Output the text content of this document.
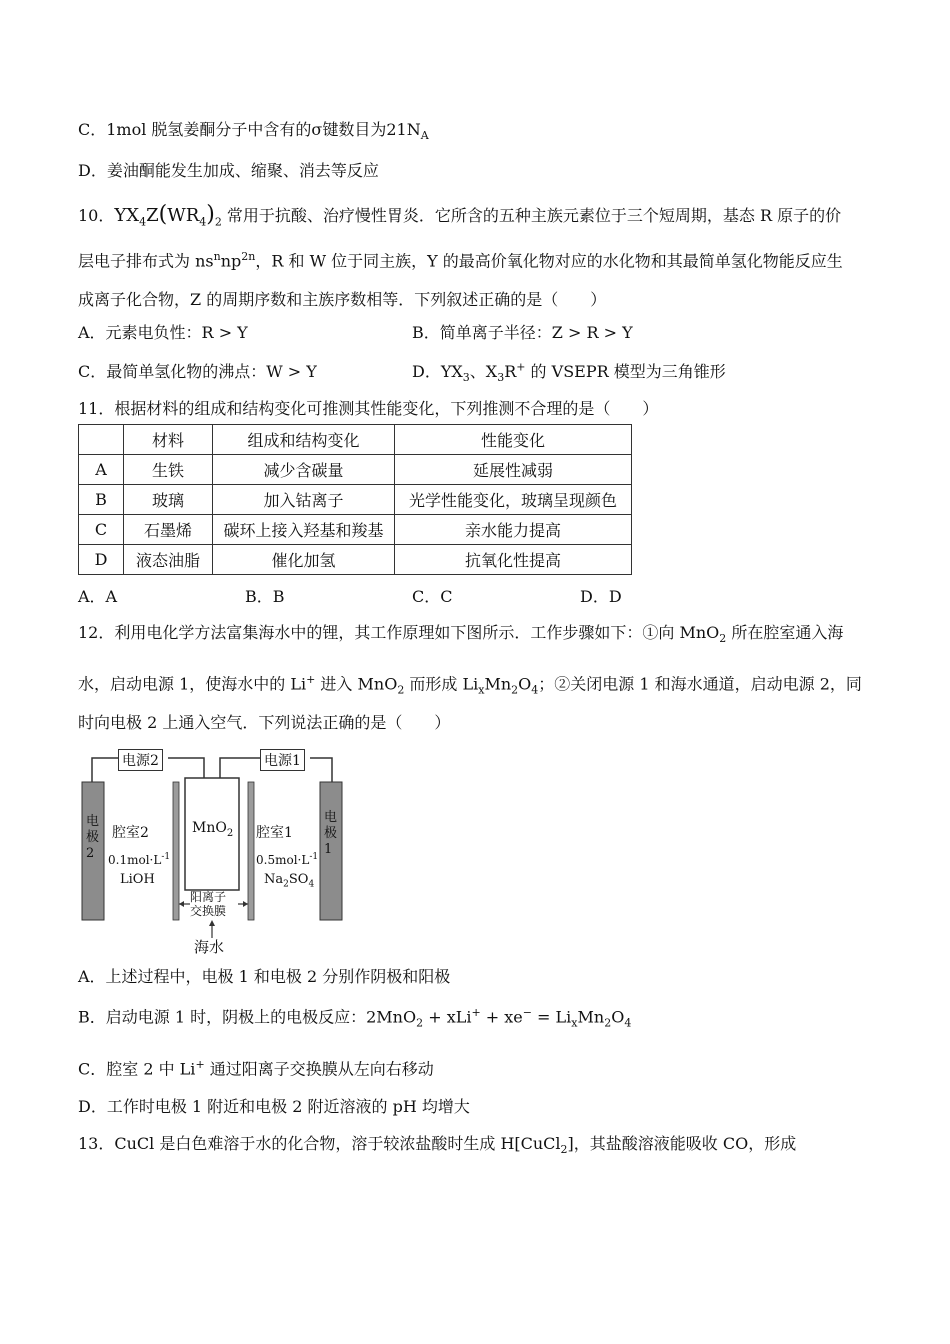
C．1mol 脱氢姜酮分子中含有的σ键数目为$21N_A$
D．姜油酮能发生加成、缩聚、消去等反应
10．$YX_4Z(WR_4)_2$ 常用于抗酸、治疗慢性胃炎．它所含的五种主族元素位于三个短周期，基态 R 原子的价
层电子排布式为 $ns^nnp^{2n}$，R 和 W 位于同主族，Y 的最高价氧化物对应的水化物和其最简单氢化物能反应生
成离子化合物，Z 的周期序数和主族序数相等．下列叙述正确的是（　　）
A．元素电负性：R > Y	B．简单离子半径：Z > R > Y
C．最简单氢化物的沸点：W > Y	D．$YX_3$、$X_3R^+$ 的 VSEPR 模型为三角锥形
11．根据材料的组成和结构变化可推测其性能变化，下列推测不合理的是（　　）
	材料	组成和结构变化	性能变化
A	生铁	减少含碳量	延展性减弱
B	玻璃	加入钴离子	光学性能变化，玻璃呈现颜色
C	石墨烯	碳环上接入羟基和羧基	亲水能力提高
D	液态油脂	催化加氢	抗氧化性提高
A．A	B．B	C．C	D．D
12．利用电化学方法富集海水中的锂，其工作原理如下图所示．工作步骤如下：①向 MnO$_2$ 所在腔室通入海
水，启动电源 1，使海水中的 Li+ 进入 MnO$_2$ 而形成 $Li_xMn_2O_4$；②关闭电源 1 和海水通道，启动电源 2，同
时向电极 2 上通入空气．下列说法正确的是（　　）
电源2	电源1
电极2
电极1
腔室2	腔室1
$0.1mol\cdot L^{-1}$
LiOH
$0.5mol\cdot L^{-1}$
$Na_2SO_4$
MnO$_2$
阳离子
交换膜
海水
A．上述过程中，电极 1 和电极 2 分别作阴极和阳极
B．启动电源 1 时，阴极上的电极反应：$2MnO_2 + xLi^+ + xe^- = Li_xMn_2O_4$
C．腔室 2 中 Li+ 通过阳离子交换膜从左向右移动
D．工作时电极 1 附近和电极 2 附近溶液的 pH 均增大
13．CuCl 是白色难溶于水的化合物，溶于较浓盐酸时生成 H[CuCl$_2$]，其盐酸溶液能吸收 CO，形成
